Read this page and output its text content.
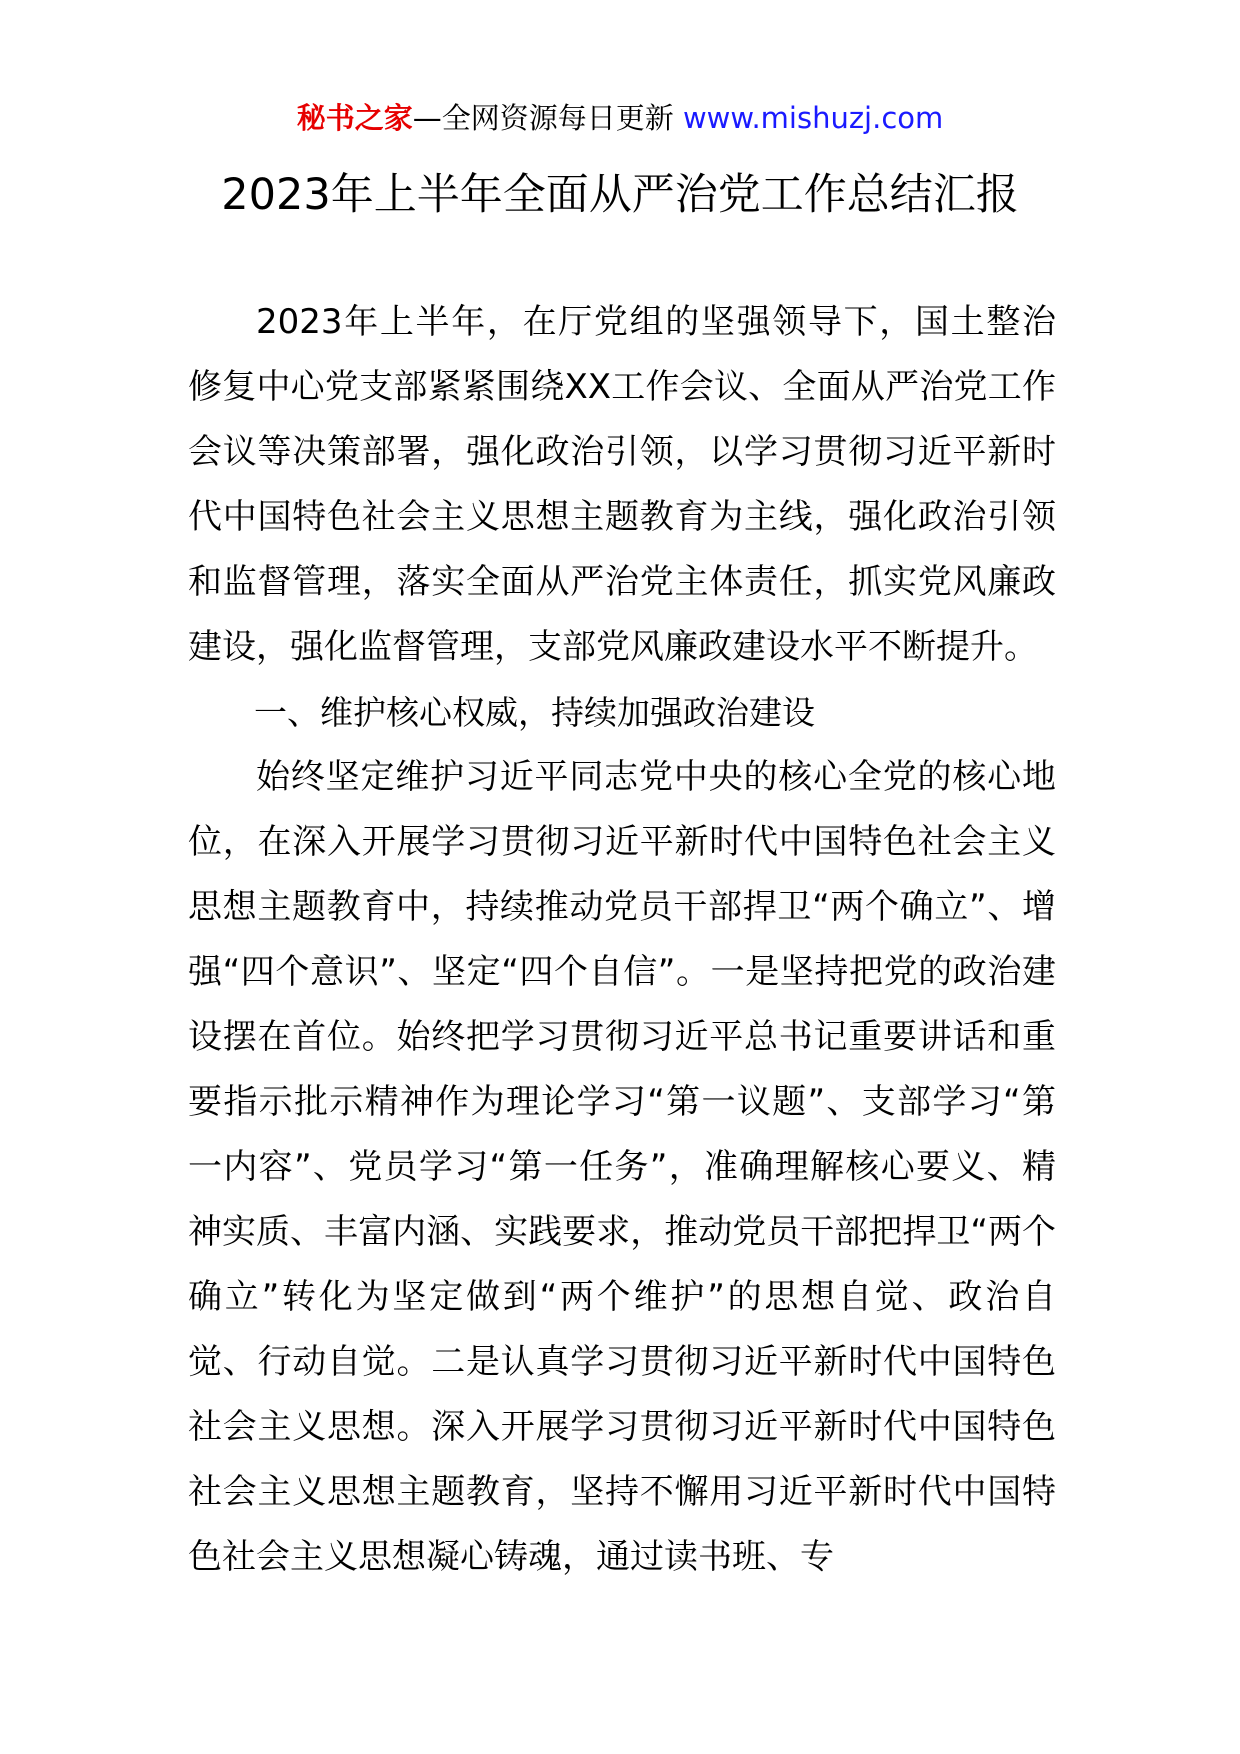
秘书之家—全网资源每日更新 www.mishuzj.com
2023年上半年全面从严治党工作总结汇报

2023年上半年，在厅党组的坚强领导下，国土整治修复中心党支部紧紧围绕XX工作会议、全面从严治党工作会议等决策部署，强化政治引领，以学习贯彻习近平新时代中国特色社会主义思想主题教育为主线，强化政治引领和监督管理，落实全面从严治党主体责任，抓实党风廉政建设，强化监督管理，支部党风廉政建设水平不断提升。

一、维护核心权威，持续加强政治建设

始终坚定维护习近平同志党中央的核心全党的核心地位，在深入开展学习贯彻习近平新时代中国特色社会主义思想主题教育中，持续推动党员干部捍卫“两个确立”、增强“四个意识”、坚定“四个自信”。一是坚持把党的政治建设摆在首位。始终把学习贯彻习近平总书记重要讲话和重要指示批示精神作为理论学习“第一议题”、支部学习“第一内容”、党员学习“第一任务”，准确理解核心要义、精神实质、丰富内涵、实践要求，推动党员干部把捍卫“两个确立”转化为坚定做到“两个维护”的思想自觉、政治自觉、行动自觉。二是认真学习贯彻习近平新时代中国特色社会主义思想。深入开展学习贯彻习近平新时代中国特色社会主义思想主题教育，坚持不懈用习近平新时代中国特色社会主义思想凝心铸魂，通过读书班、专
